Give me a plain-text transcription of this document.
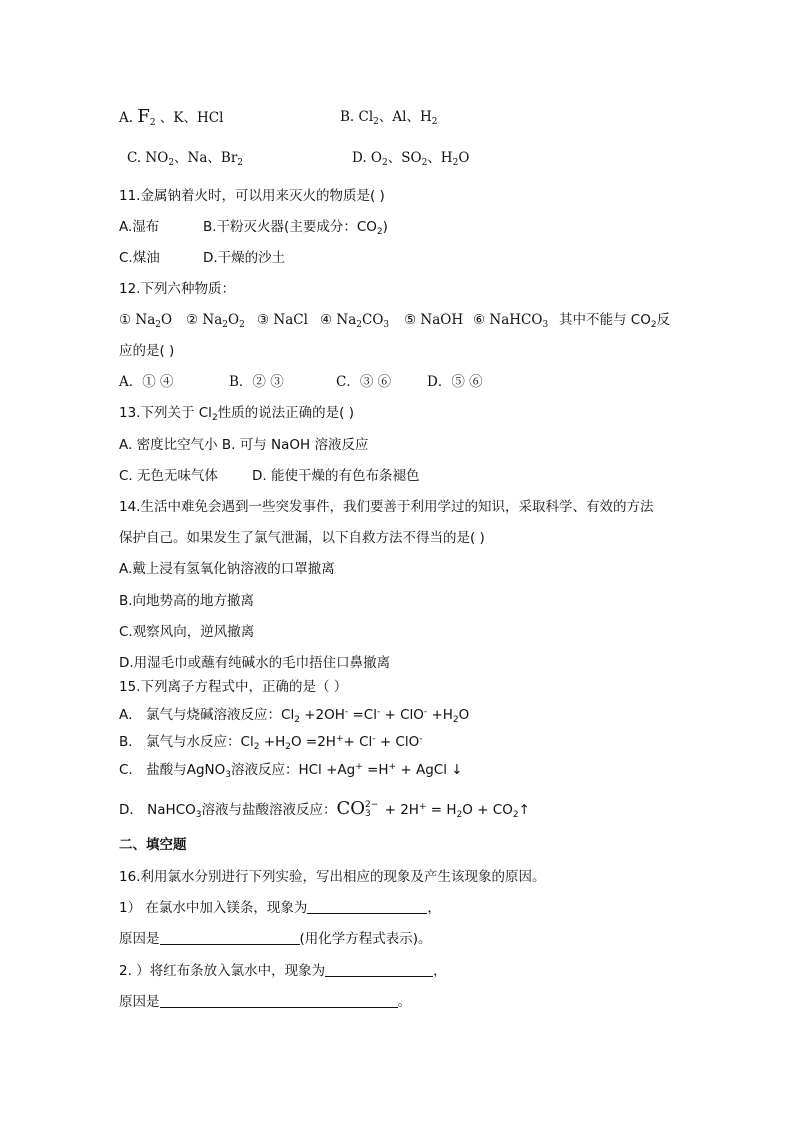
A. $F_2$ 、K、HCl	B. $Cl_2$、Al、$H_2$
C. $NO_2$、Na、$Br_2$	D. $O_2$、$SO_2$、$H_2O$
11.金属钠着火时，可以用来灭火的物质是( )
A.湿布	B.干粉灭火器(主要成分：$CO_2$)
C.煤油	D.干燥的沙土
12.下列六种物质：
① $Na_2O$ ② $Na_2O_2$ ③ NaCl ④ $Na_2CO_3$ ⑤ NaOH ⑥ NaHCO$_3$ 其中不能与 $CO_2$反
应的是( )
A．① ④	B．② ③	C．③ ⑥	D．⑤ ⑥
13.下列关于 $Cl_2$性质的说法正确的是( )
A. 密度比空气小 B. 可与 NaOH 溶液反应
C. 无色无味气体	D. 能使干燥的有色布条褪色
14.生活中难免会遇到一些突发事件，我们要善于利用学过的知识，采取科学、有效的方法
保护自己。如果发生了氯气泄漏，以下自救方法不得当的是( )
A.戴上浸有氢氧化钠溶液的口罩撤离
B.向地势高的地方撤离
C.观察风向，逆风撤离
D.用湿毛巾或蘸有纯碱水的毛巾捂住口鼻撤离
15.下列离子方程式中，正确的是（ ）
A． 氯气与烧碱溶液反应：$Cl_2 +2OH^- =Cl^- + ClO^- +H_2O$
B． 氯气与水反应：$Cl_2 +H_2O =2H^++ Cl^- + ClO^-$
C． 盐酸与AgNO$_3$溶液反应：HCl +Ag+ =H+ + AgCl ↓
D． NaHCO$_3$溶液与盐酸溶液反应：CO 2−
$3 + 2H^+ = H_2O$ + $CO_2↑$
二、填空题
16.利用氯水分别进行下列实验，写出相应的现象及产生该现象的原因。
1） 在氯水中加入镁条，现象为	，
原因是	(用化学方程式表示)。
2. ）将红布条放入氯水中，现象为	，
原因是	。
